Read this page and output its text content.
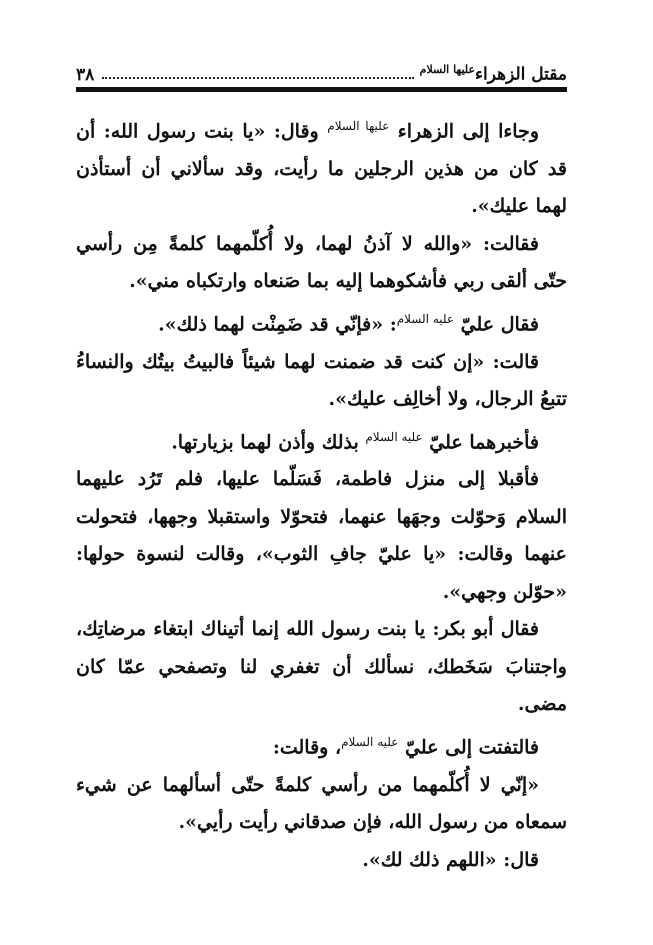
مقتل الزهراء$^{عليها السلام}$
٣٨

وجاءا إلى الزهراء $^{عليها السلام}$ وقال: «يا بنت رسول الله: أن قد كان من هذين الرجلين ما رأيت، وقد سألاني أن أستأذن لهما عليك».

فقالت: «والله لا آذنُ لهما، ولا أُكلّمهما كلمةً مِن رأسي حتّى ألقى ربي فأشكوهما إليه بما صَنعاه وارتكباه مني».

فقال عليّ $^{عليه السلام}$: «فإنّي قد ضَمِنْت لهما ذلك».

قالت: «إن كنت قد ضمنت لهما شيئاً فالبيتُ بيتُك والنساءُ تتبعُ الرجال، ولا أخالِف عليك».

فأخبرهما عليّ $^{عليه السلام}$ بذلك وأذن لهما بزيارتها.

فأقبلا إلى منزل فاطمة، فَسَلّما عليها، فلم تَرُد عليهما السلام وَحوّلت وجهَها عنهما، فتحوّلا واستقبلا وجهها، فتحولت عنهما وقالت: «يا عليّ جافِ الثوب»، وقالت لنسوة حولها: «حوّلن وجهي».

فقال أبو بكر: يا بنت رسول الله إنما أتيناك ابتغاء مرضاتِك، واجتنابَ سَخَطك، نسألك أن تغفري لنا وتصفحي عمّا كان مضى.

فالتفتت إلى عليّ $^{عليه السلام}$، وقالت:

«إنّي لا أُكلّمهما من رأسي كلمةً حتّى أسألهما عن شيء سمعاه من رسول الله، فإن صدقاني رأيت رأيي».

قال: «اللهم ذلك لك».
